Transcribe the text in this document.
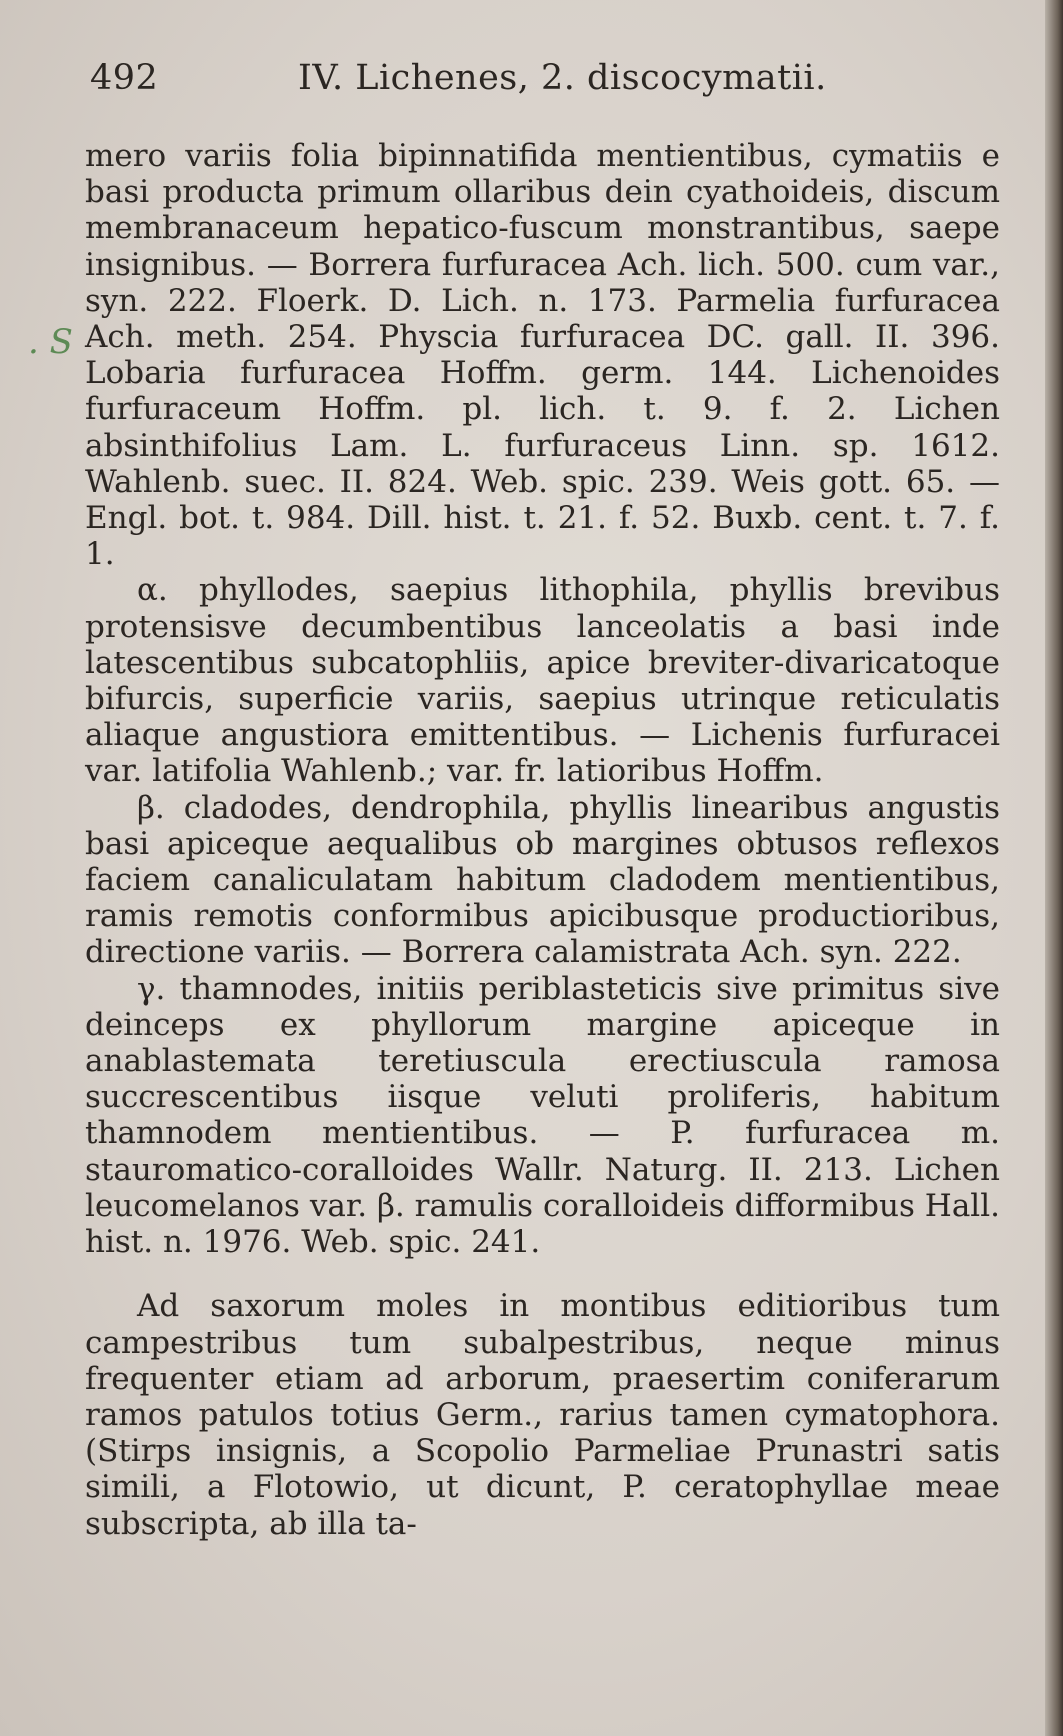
492	IV. Lichenes, 2. discocymatii.
. S

mero variis folia bipinnatifida mentientibus, cymatiis e basi producta primum ollaribus dein cyathoideis, discum membranaceum hepatico-fuscum monstrantibus, saepe insignibus. — Borrera furfuracea Ach. lich. 500. cum var., syn. 222. Floerk. D. Lich. n. 173. Parmelia furfuracea Ach. meth. 254. Physcia furfuracea DC. gall. II. 396. Lobaria furfuracea Hoffm. germ. 144. Lichenoides furfuraceum Hoffm. pl. lich. t. 9. f. 2. Lichen absinthifolius Lam. L. furfuraceus Linn. sp. 1612. Wahlenb. suec. II. 824. Web. spic. 239. Weis gott. 65. — Engl. bot. t. 984. Dill. hist. t. 21. f. 52. Buxb. cent. t. 7. f. 1.

α. phyllodes, saepius lithophila, phyllis brevibus protensisve decumbentibus lanceolatis a basi inde latescentibus subcatophliis, apice breviter-divaricatoque bifurcis, superficie variis, saepius utrinque reticulatis aliaque angustiora emittentibus. — Lichenis furfuracei var. latifolia Wahlenb.; var. fr. latioribus Hoffm.

β. cladodes, dendrophila, phyllis linearibus angustis basi apiceque aequalibus ob margines obtusos reflexos faciem canaliculatam habitum cladodem mentientibus, ramis remotis conformibus apicibusque productioribus, directione variis. — Borrera calamistrata Ach. syn. 222.

γ. thamnodes, initiis periblasteticis sive primitus sive deinceps ex phyllorum margine apiceque in anablastemata teretiuscula erectiuscula ramosa succrescentibus iisque veluti proliferis, habitum thamnodem mentientibus. — P. furfuracea m. stauromatico-coralloides Wallr. Naturg. II. 213. Lichen leucomelanos var. β. ramulis coralloideis difformibus Hall. hist. n. 1976. Web. spic. 241.

Ad saxorum moles in montibus editioribus tum campestribus tum subalpestribus, neque minus frequenter etiam ad arborum, praesertim coniferarum ramos patulos totius Germ., rarius tamen cymatophora. (Stirps insignis, a Scopolio Parmeliae Prunastri satis simili, a Flotowio, ut dicunt, P. ceratophyllae meae subscripta, ab illa ta-
